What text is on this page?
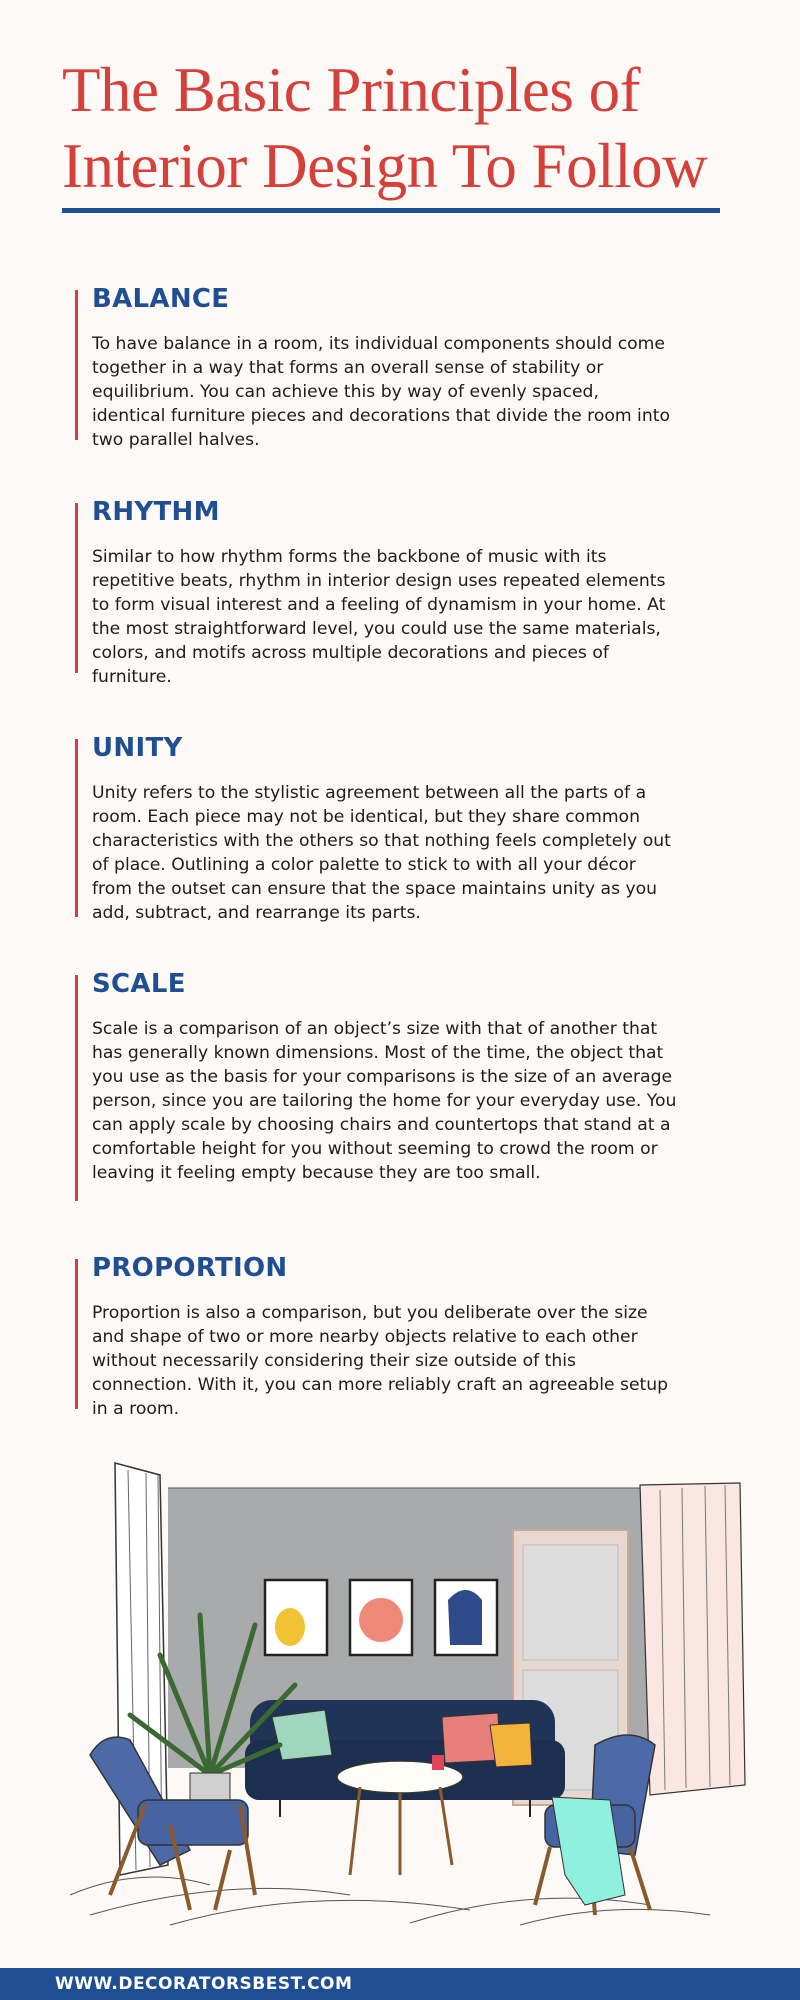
The Basic Principles of
Interior Design To Follow
BALANCE

To have balance in a room, its individual components should come together in a way that forms an overall sense of stability or equilibrium. You can achieve this by way of evenly spaced, identical furniture pieces and decorations that divide the room into two parallel halves.

RHYTHM

Similar to how rhythm forms the backbone of music with its repetitive beats, rhythm in interior design uses repeated elements to form visual interest and a feeling of dynamism in your home. At the most straightforward level, you could use the same materials, colors, and motifs across multiple decorations and pieces of furniture.

UNITY

Unity refers to the stylistic agreement between all the parts of a room. Each piece may not be identical, but they share common characteristics with the others so that nothing feels completely out of place. Outlining a color palette to stick to with all your décor from the outset can ensure that the space maintains unity as you add, subtract, and rearrange its parts.

SCALE

Scale is a comparison of an object’s size with that of another that has generally known dimensions. Most of the time, the object that you use as the basis for your comparisons is the size of an average person, since you are tailoring the home for your everyday use. You can apply scale by choosing chairs and countertops that stand at a comfortable height for you without seeming to crowd the room or leaving it feeling empty because they are too small.

PROPORTION

Proportion is also a comparison, but you deliberate over the size and shape of two or more nearby objects relative to each other without necessarily considering their size outside of this connection. With it, you can more reliably craft an agreeable setup in a room.

WWW.DECORATORSBEST.COM
